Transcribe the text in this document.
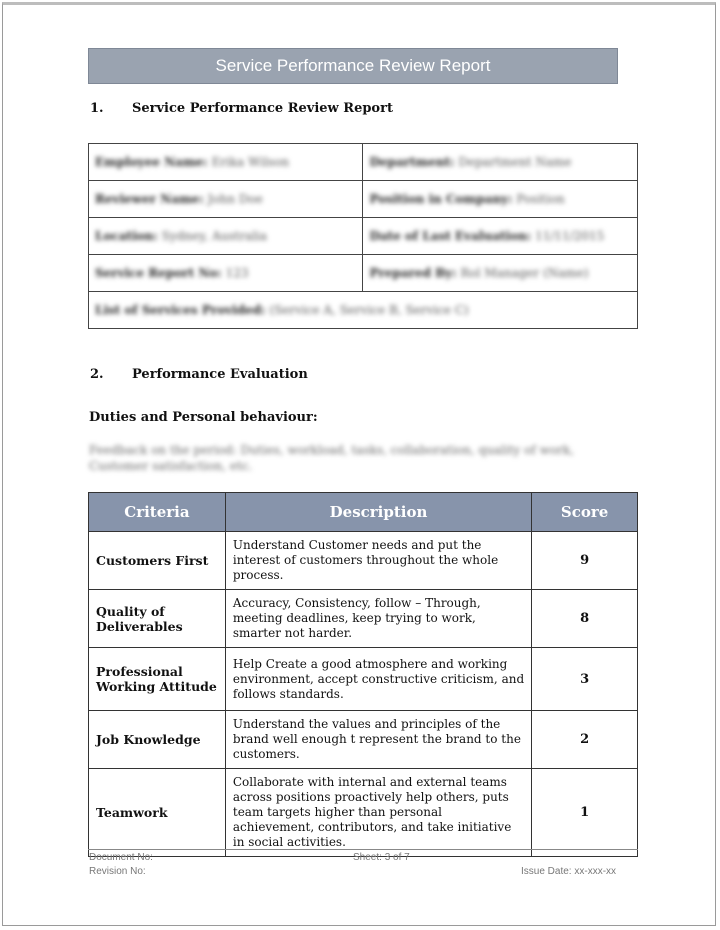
Service Performance Review Report
1. Service Performance Review Report
Employee Name: Erika Wilson	Department: Department Name
Reviewer Name: John Doe	Position in Company: Position
Location: Sydney, Australia	Date of Last Evaluation: 11/11/2015
Service Report No: 123	Prepared By: Rol Manager (Name)
List of Services Provided: (Service A, Service B, Service C)	
2. Performance Evaluation
Duties and Personal behaviour:
Feedback on the period: Duties, workload, tasks, collaboration, quality of work, Customer satisfaction, etc.
Criteria	Description	Score
Customers First	Understand Customer needs and put the interest of customers throughout the whole process.	9
Quality of Deliverables	Accuracy, Consistency, follow – Through, meeting deadlines, keep trying to work, smarter not harder.	8
Professional Working Attitude	Help Create a good atmosphere and working environment, accept constructive criticism, and follows standards.	3
Job Knowledge	Understand the values and principles of the brand well enough t represent the brand to the customers.	2
Teamwork	Collaborate with internal and external teams across positions proactively help others, puts team targets higher than personal achievement, contributors, and take initiative in social activities.	1
Document No:
Revision No:
Sheet: 3 of 7
Issue Date: xx-xxx-xx
